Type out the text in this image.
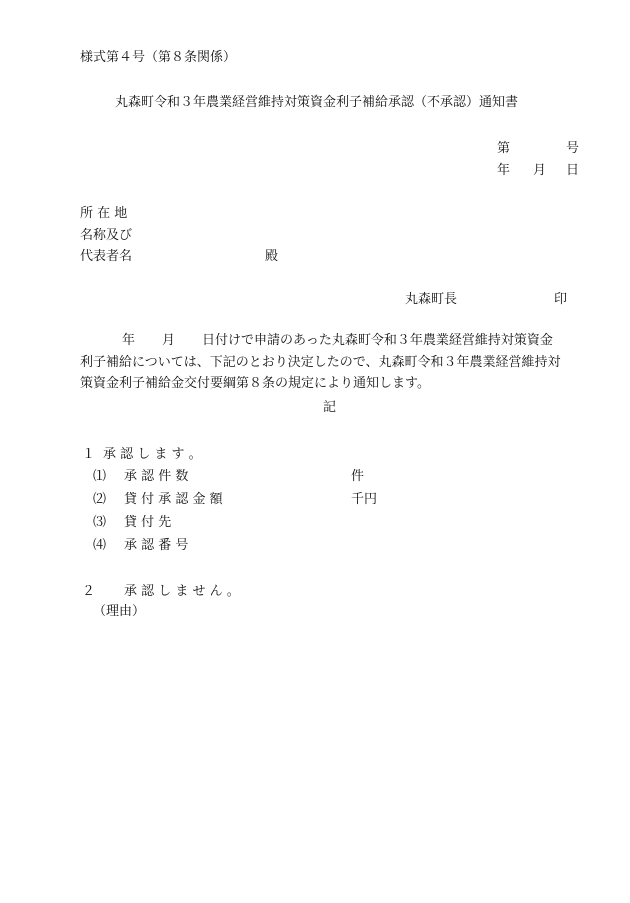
様式第４号（第８条関係）
丸森町令和３年農業経営維持対策資金利子補給承認（不承認）通知書
第	号
年 月 日
所 在 地
名称及び
代表者名	殿
丸森町長	印
年 月 日付けで申請のあった丸森町令和３年農業経営維持対策資金
利子補給については、下記のとおり決定したので、丸森町令和３年農業経営維持対
策資金利子補給金交付要綱第８条の規定により通知します。
記
１ 承 認 し ま す 。
⑴ 承 認 件 数	件
⑵ 貸 付 承 認 金 額	千円
⑶ 貸 付 先
⑷ 承 認 番 号
２ 承 認 し ま せ ん 。
（理由）
